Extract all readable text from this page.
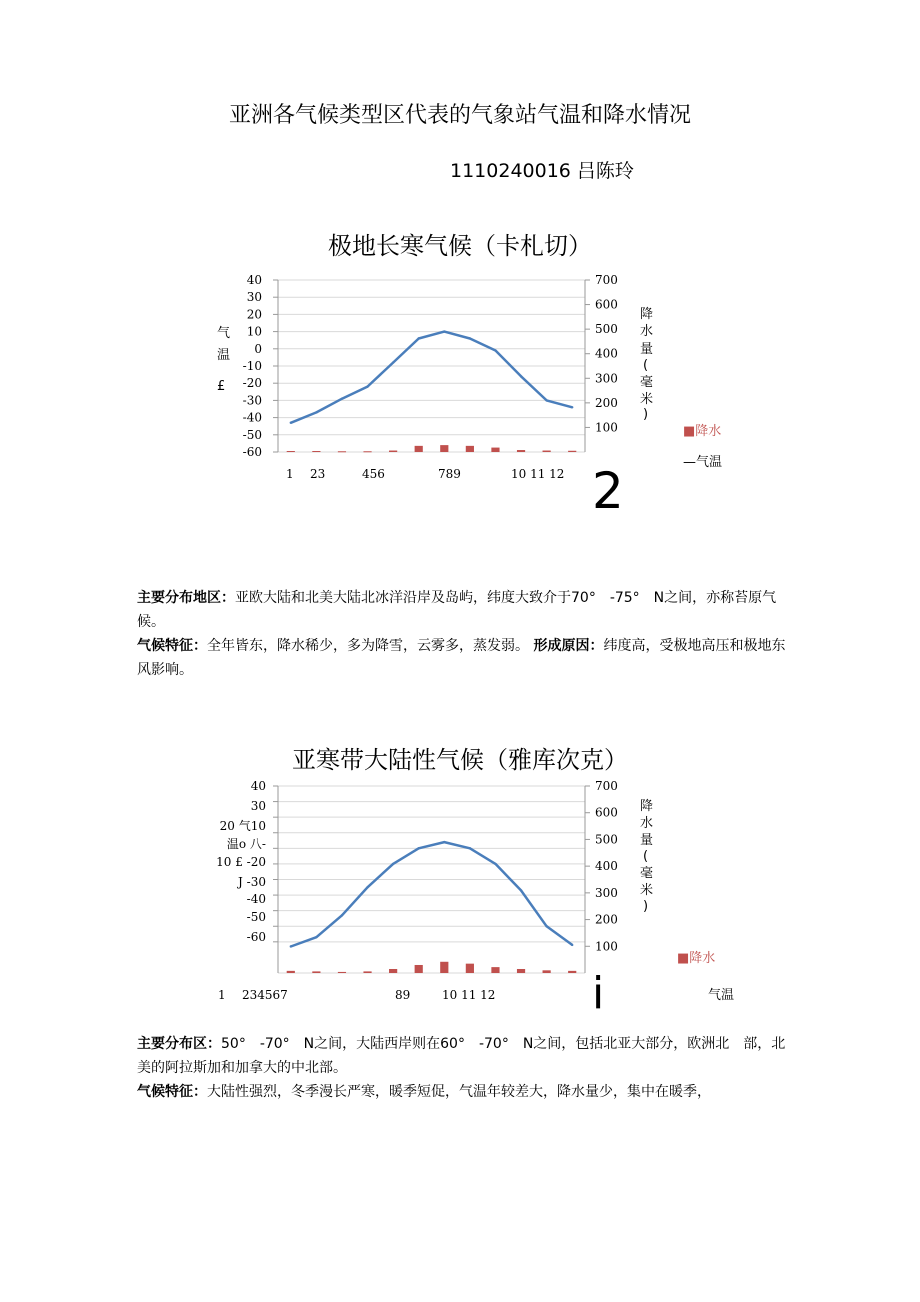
亚洲各气候类型区代表的气象站气温和降水情况
1110240016 吕陈玲
极地长寒气候（卡札切）
气
温
£
降
水
量
(
毫
米
)
■降水
—气温
1 23	456	789	10 11 12 2
40
30
20
10
0
-10
-20
-30
-40
-50
-60
700
600
500
400
300
200
100
主要分布地区：亚欧大陆和北美大陆北冰洋沿岸及岛屿，纬度大致介于70°　-75°　N之间，亦称苔原气候。
气候特征：全年皆东，降水稀少，多为降雪，云雾多，蒸发弱。 形成原因：纬度高，受极地高压和极地东风影响。
亚寒带大陆性气候（雅库次克）
40
30
20 气10
温o 八-
10 £ -20
J -30
-40
-50
-60
降
水
量
(
毫
米
)
■降水
气温
1 234567	89	10 11 12 i
700
600
500
400
300
200
100
主要分布区：50°　-70°　N之间，大陆西岸则在60°　-70°　N之间，包括北亚大部分，欧洲北　部，北美的阿拉斯加和加拿大的中北部。
气候特征：大陆性强烈，冬季漫长严寒，暖季短促，气温年较差大，降水量少，集中在暖季，
